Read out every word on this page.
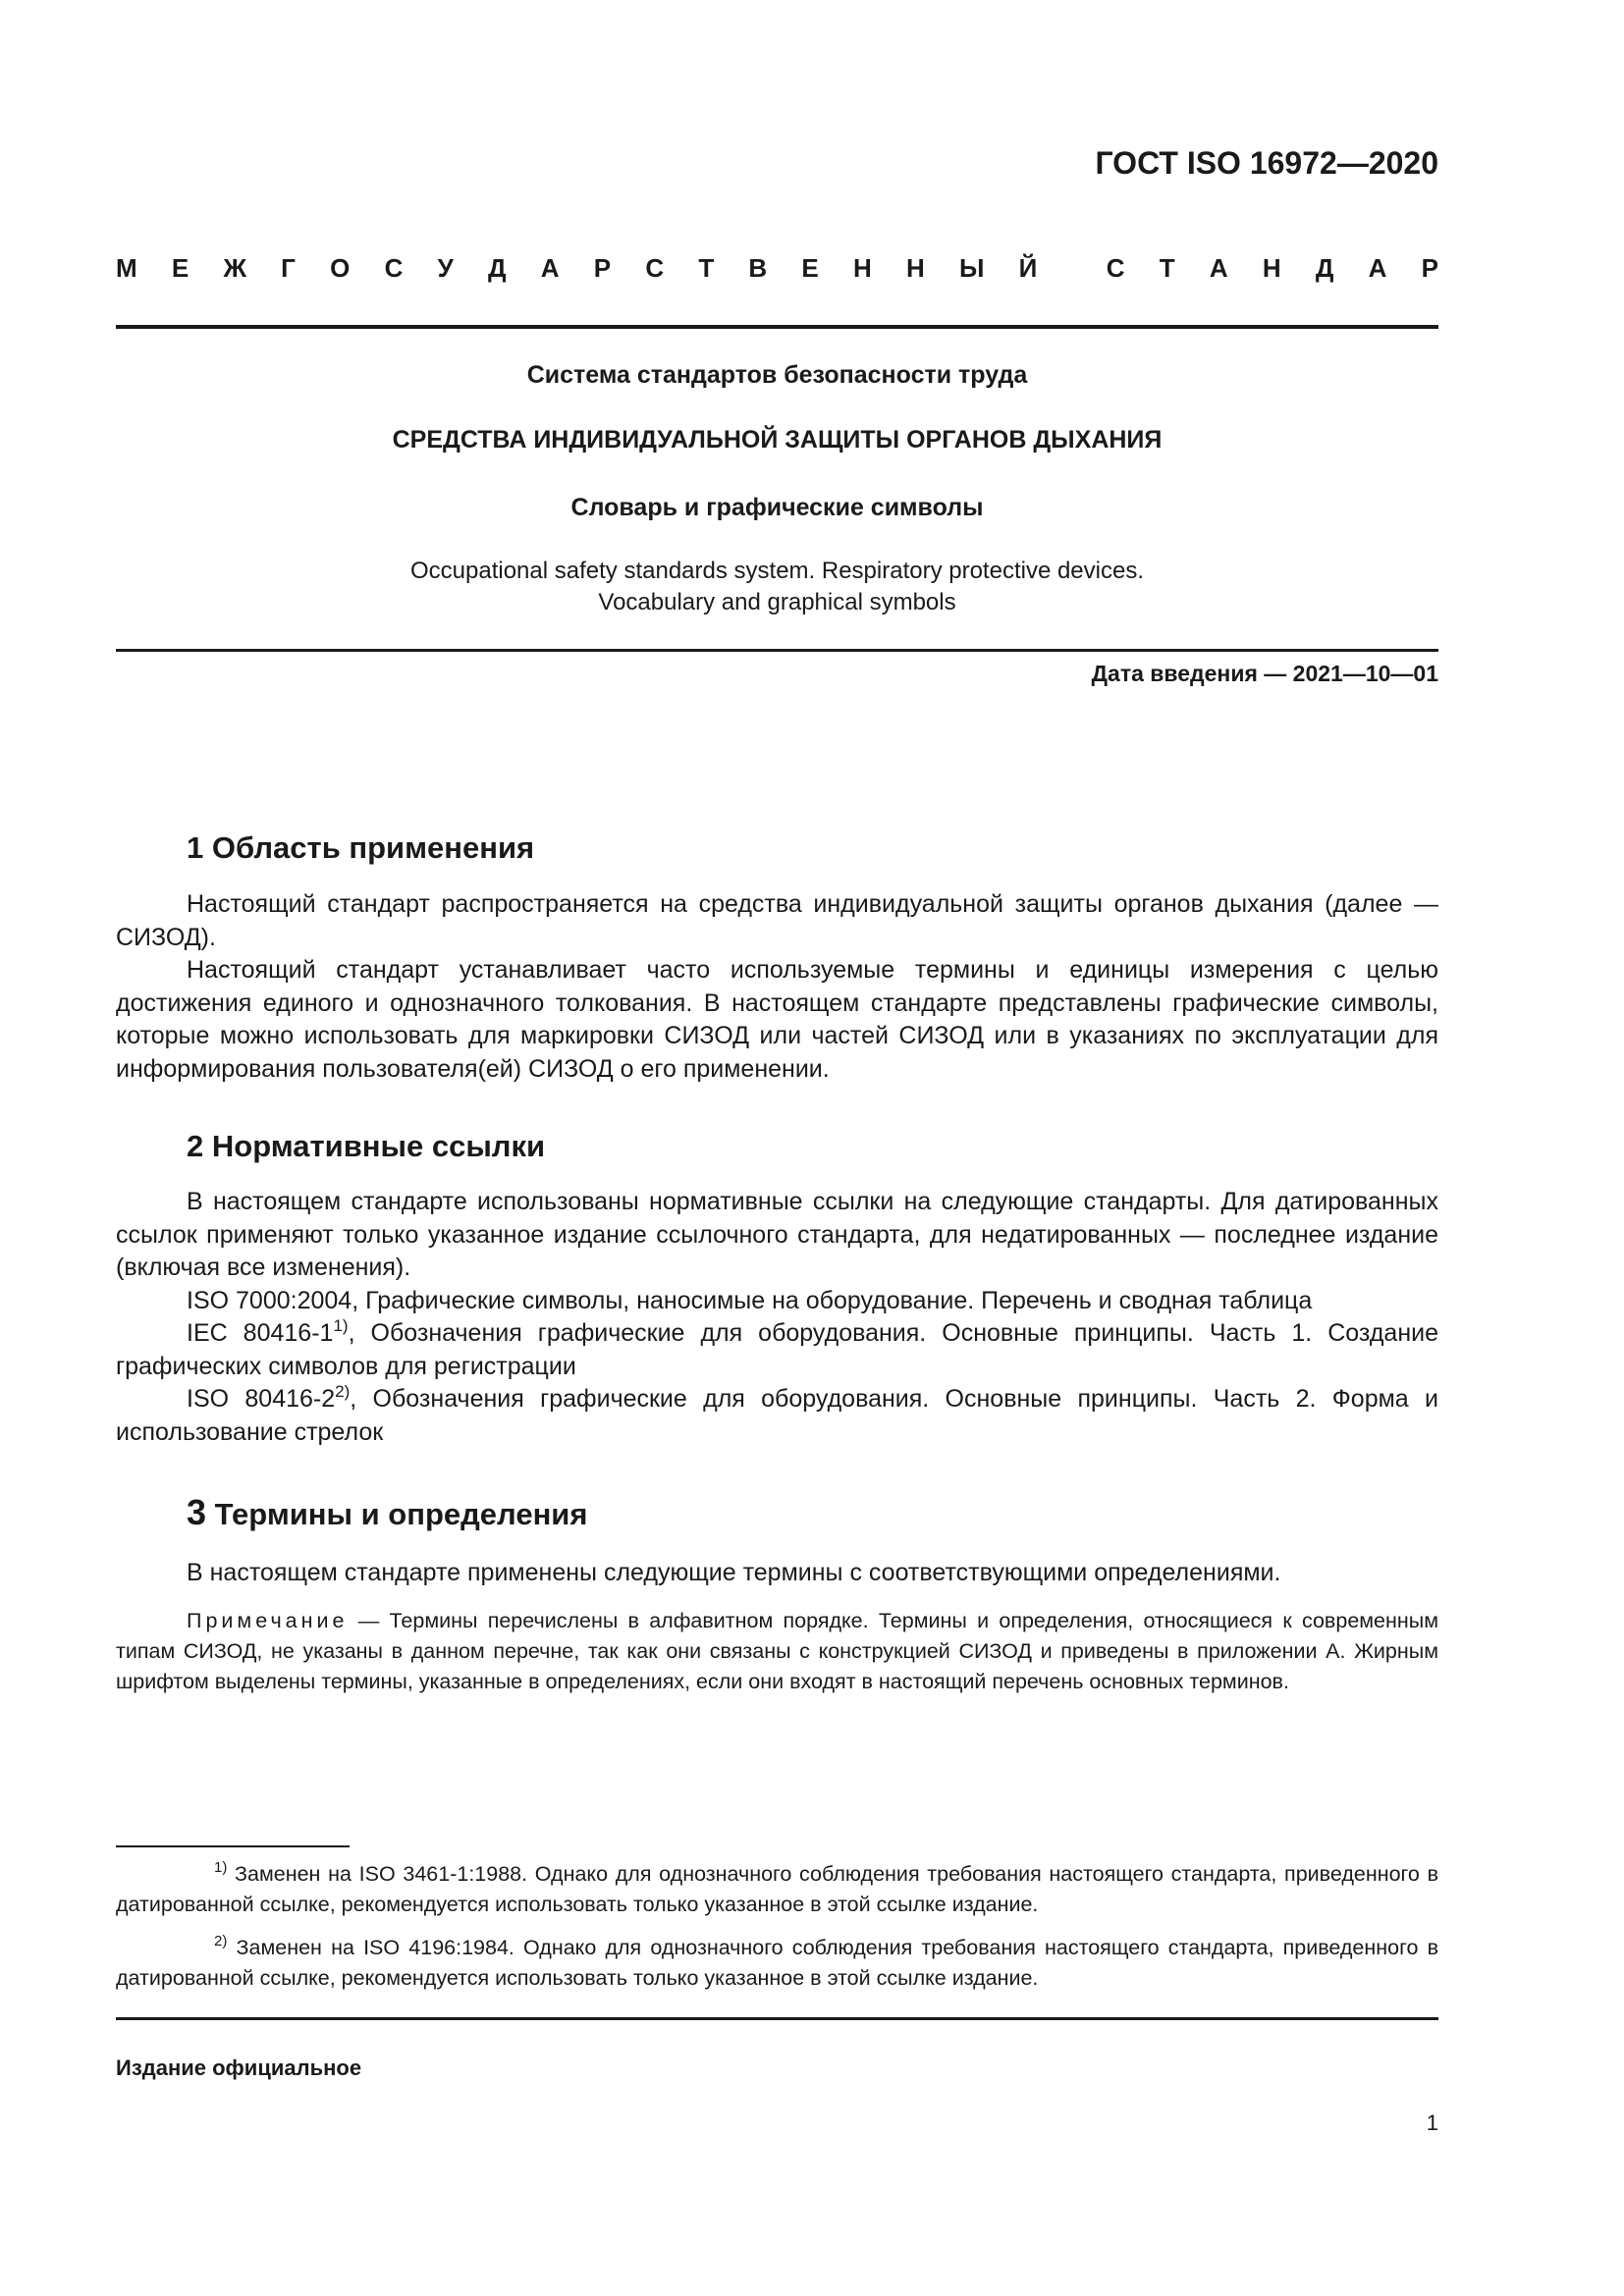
ГОСТ ISO 16972—2020
М Е Ж Г О С У Д А Р С Т В Е Н Н Ы Й	С Т А Н Д А Р
Система стандартов безопасности труда
СРЕДСТВА ИНДИВИДУАЛЬНОЙ ЗАЩИТЫ ОРГАНОВ ДЫХАНИЯ
Словарь и графические символы
Occupational safety standards system. Respiratory protective devices.
Vocabulary and graphical symbols
Дата введения — 2021—10—01
1 Область применения
Настоящий стандарт распространяется на средства индивидуальной защиты органов дыхания (далее — СИЗОД).
Настоящий стандарт устанавливает часто используемые термины и единицы измерения с целью достижения единого и однозначного толкования. В настоящем стандарте представлены графические символы, которые можно использовать для маркировки СИЗОД или частей СИЗОД или в указаниях по эксплуатации для информирования пользователя(ей) СИЗОД о его применении.
2 Нормативные ссылки
В настоящем стандарте использованы нормативные ссылки на следующие стандарты. Для датированных ссылок применяют только указанное издание ссылочного стандарта, для недатированных — последнее издание (включая все изменения).
ISO 7000:2004, Графические символы, наносимые на оборудование. Перечень и сводная таблица
IEC 80416-1$^{1)}$, Обозначения графические для оборудования. Основные принципы. Часть 1. Создание графических символов для регистрации
ISO 80416-2$^{2)}$, Обозначения графические для оборудования. Основные принципы. Часть 2. Форма и использование стрелок
3 Термины и определения
В настоящем стандарте применены следующие термины с соответствующими определениями.
Примечание — Термины перечислены в алфавитном порядке. Термины и определения, относящиеся к современным типам СИЗОД, не указаны в данном перечне, так как они связаны с конструкцией СИЗОД и приведены в приложении А. Жирным шрифтом выделены термины, указанные в определениях, если они входят в настоящий перечень основных терминов.
$^{1)}$ Заменен на ISO 3461-1:1988. Однако для однозначного соблюдения требования настоящего стандарта, приведенного в датированной ссылке, рекомендуется использовать только указанное в этой ссылке издание.
$^{2)}$ Заменен на ISO 4196:1984. Однако для однозначного соблюдения требования настоящего стандарта, приведенного в датированной ссылке, рекомендуется использовать только указанное в этой ссылке издание.
Издание официальное
1
